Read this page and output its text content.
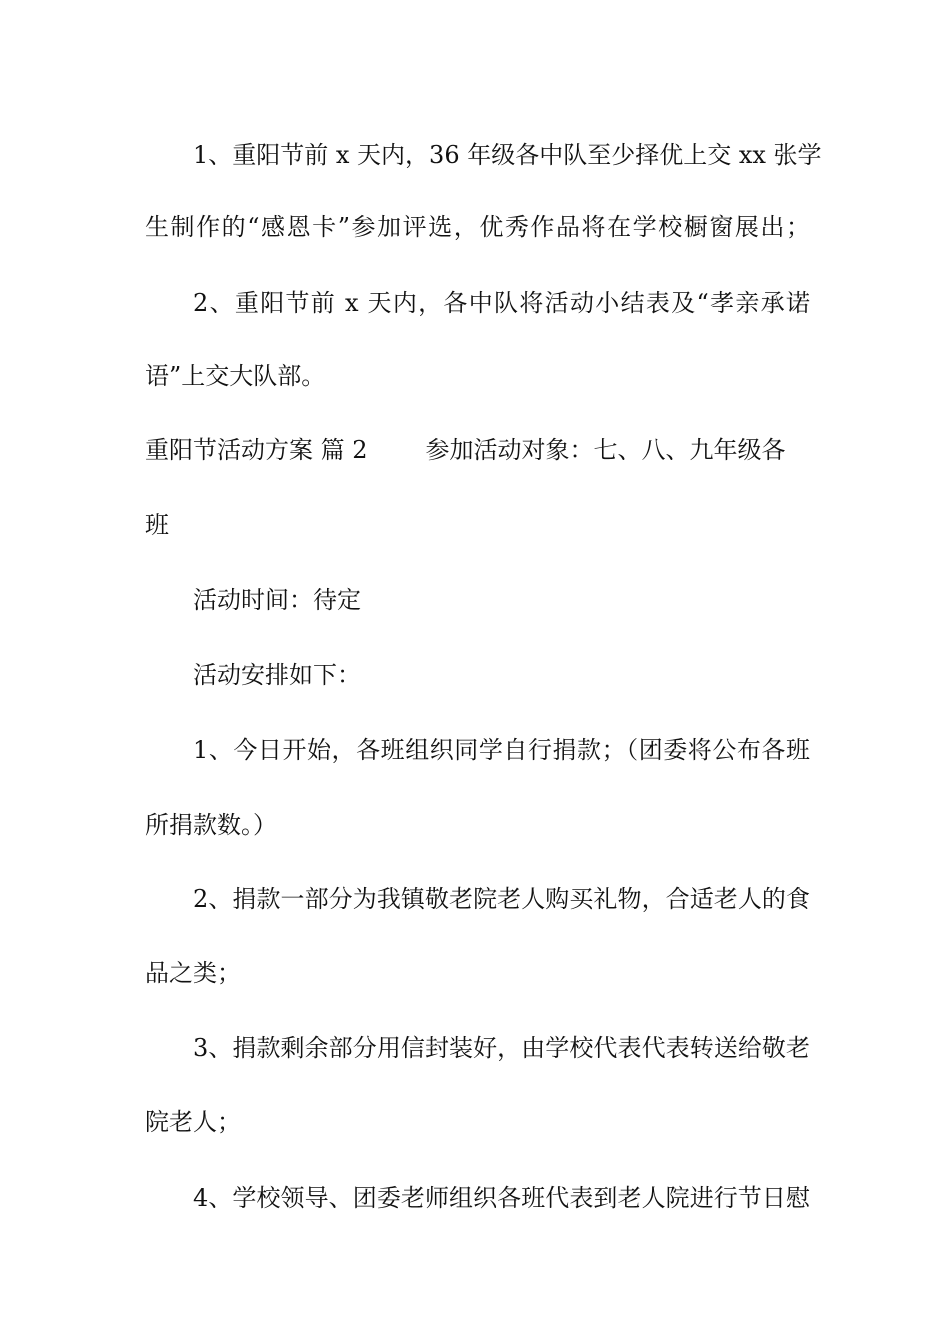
1、重阳节前 x 天内，36 年级各中队至少择优上交 xx 张学
生制作的“感恩卡”参加评选，优秀作品将在学校橱窗展出；
2、重阳节前 x 天内，各中队将活动小结表及“孝亲承诺
语”上交大队部。
重阳节活动方案 篇 2 参加活动对象：七、八、九年级各
班
活动时间：待定
活动安排如下：
1、今日开始，各班组织同学自行捐款；（团委将公布各班
所捐款数。）
2、捐款一部分为我镇敬老院老人购买礼物，合适老人的食
品之类；
3、捐款剩余部分用信封装好，由学校代表代表转送给敬老
院老人；
4、学校领导、团委老师组织各班代表到老人院进行节日慰
